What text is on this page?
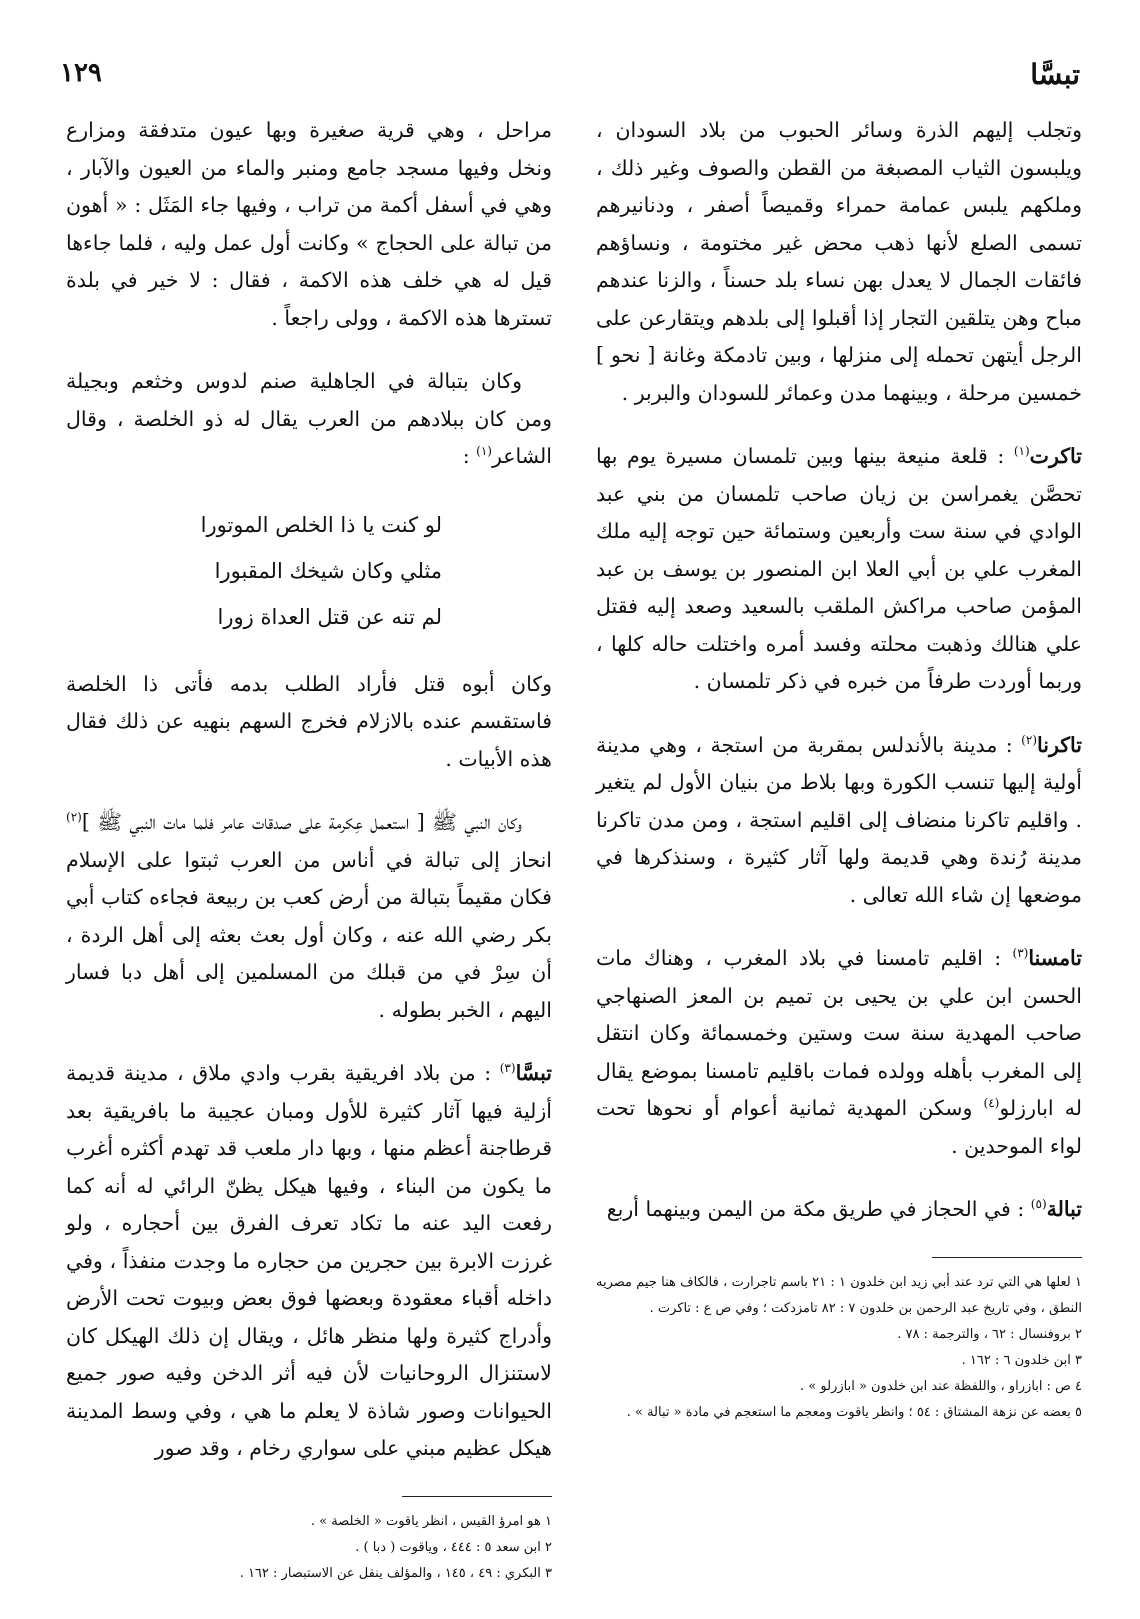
تبسَّا
١٢٩

وتجلب إليهم الذرة وسائر الحبوب من بلاد السودان ، ويلبسون الثياب المصبغة من القطن والصوف وغير ذلك ، وملكهم يلبس عمامة حمراء وقميصاً أصفر ، ودنانيرهم تسمى الصلع لأنها ذهب محض غير مختومة ، ونساؤهم فائقات الجمال لا يعدل بهن نساء بلد حسناً ، والزنا عندهم مباح وهن يتلقين التجار إذا أقبلوا إلى بلدهم ويتقارعن على الرجل أيتهن تحمله إلى منزلها ، وبين تادمكة وغانة [ نحو ] خمسين مرحلة ، وبينهما مدن وعمائر للسودان والبربر .

تاكرت$^{(١)}$ : قلعة منيعة بينها وبين تلمسان مسيرة يوم بها تحصَّن يغمراسن بن زيان صاحب تلمسان من بني عبد الوادي في سنة ست وأربعين وستمائة حين توجه إليه ملك المغرب علي بن أبي العلا ابن المنصور بن يوسف بن عبد المؤمن صاحب مراكش الملقب بالسعيد وصعد إليه فقتل علي هنالك وذهبت محلته وفسد أمره واختلت حاله كلها ، وربما أوردت طرفاً من خبره في ذكر تلمسان .

تاكرنا$^{(٢)}$ : مدينة بالأندلس بمقربة من استجة ، وهي مدينة أولية إليها تنسب الكورة وبها بلاط من بنيان الأول لم يتغير . واقليم تاكرنا منضاف إلى اقليم استجة ، ومن مدن تاكرنا مدينة رُندة وهي قديمة ولها آثار كثيرة ، وسنذكرها في موضعها إن شاء الله تعالى .

تامسنا$^{(٣)}$ : اقليم تامسنا في بلاد المغرب ، وهناك مات الحسن ابن علي بن يحيى بن تميم بن المعز الصنهاجي صاحب المهدية سنة ست وستين وخمسمائة وكان انتقل إلى المغرب بأهله وولده فمات باقليم تامسنا بموضع يقال له ابارزلو$^{(٤)}$ وسكن المهدية ثمانية أعوام أو نحوها تحت لواء الموحدين .

تبالة$^{(٥)}$ : في الحجاز في طريق مكة من اليمن وبينهما أربع

١ لعلها هي التي ترد عند أبي زيد ابن خلدون ١ : ٢١ باسم تاجرارت ، فالكاف هنا جيم مصريه النطق ، وفي تاريخ عبد الرحمن بن خلدون ٧ : ٨٢ تامزدكت ؛ وفي ص ع : تاكرت .
٢ بروفنسال : ٦٢ ، والترجمة : ٧٨ .
٣ ابن خلدون ٦ : ١٦٢ .
٤ ص : ابازراو ، واللفظة عند ابن خلدون « ابازرلو » .
٥ بعضه عن نزهة المشتاق : ٥٤ ؛ وانظر ياقوت ومعجم ما استعجم في مادة « تبالة » .

مراحل ، وهي قرية صغيرة وبها عيون متدفقة ومزارع ونخل وفيها مسجد جامع ومنبر والماء من العيون والآبار ، وهي في أسفل أكمة من تراب ، وفيها جاء المَثَل : « أهون من تبالة على الحجاج » وكانت أول عمل وليه ، فلما جاءها قيل له هي خلف هذه الاكمة ، فقال : لا خير في بلدة تسترها هذه الاكمة ، وولى راجعاً .

وكان بتبالة في الجاهلية صنم لدوس وخثعم وبجيلة ومن كان ببلادهم من العرب يقال له ذو الخلصة ، وقال الشاعر$^{(١)}$ :

لو كنت يا ذا الخلص الموتورا
مثلي وكان شيخك المقبورا
لم تنه عن قتل العداة زورا

وكان أبوه قتل فأراد الطلب بدمه فأتى ذا الخلصة فاستقسم عنده بالازلام فخرج السهم بنهيه عن ذلك فقال هذه الأبيات .

وكان النبي ﷺ [ استعمل عِكرمة على صدقات عامر فلما مات النبي ﷺ ]$^{(٢)}$ انحاز إلى تبالة في أناس من العرب ثبتوا على الإسلام فكان مقيماً بتبالة من أرض كعب بن ربيعة فجاءه كتاب أبي بكر رضي الله عنه ، وكان أول بعث بعثه إلى أهل الردة ، أن سِرْ في من قبلك من المسلمين إلى أهل دبا فسار اليهم ، الخبر بطوله .

تبسَّا$^{(٣)}$ : من بلاد افريقية بقرب وادي ملاق ، مدينة قديمة أزلية فيها آثار كثيرة للأول ومبان عجيبة ما بافريقية بعد قرطاجنة أعظم منها ، وبها دار ملعب قد تهدم أكثره أغرب ما يكون من البناء ، وفيها هيكل يظنّ الرائي له أنه كما رفعت اليد عنه ما تكاد تعرف الفرق بين أحجاره ، ولو غرزت الابرة بين حجرين من حجاره ما وجدت منفذاً ، وفي داخله أقباء معقودة وبعضها فوق بعض وبيوت تحت الأرض وأدراج كثيرة ولها منظر هائل ، ويقال إن ذلك الهيكل كان لاستنزال الروحانيات لأن فيه أثر الدخن وفيه صور جميع الحيوانات وصور شاذة لا يعلم ما هي ، وفي وسط المدينة هيكل عظيم مبني على سواري رخام ، وقد صور

١ هو امرؤ القيس ، انظر ياقوت « الخلصة » .
٢ ابن سعد ٥ : ٤٤٤ ، وياقوت ( دبا ) .
٣ البكري : ٤٩ ، ١٤٥ ، والمؤلف ينقل عن الاستبصار : ١٦٢ .
